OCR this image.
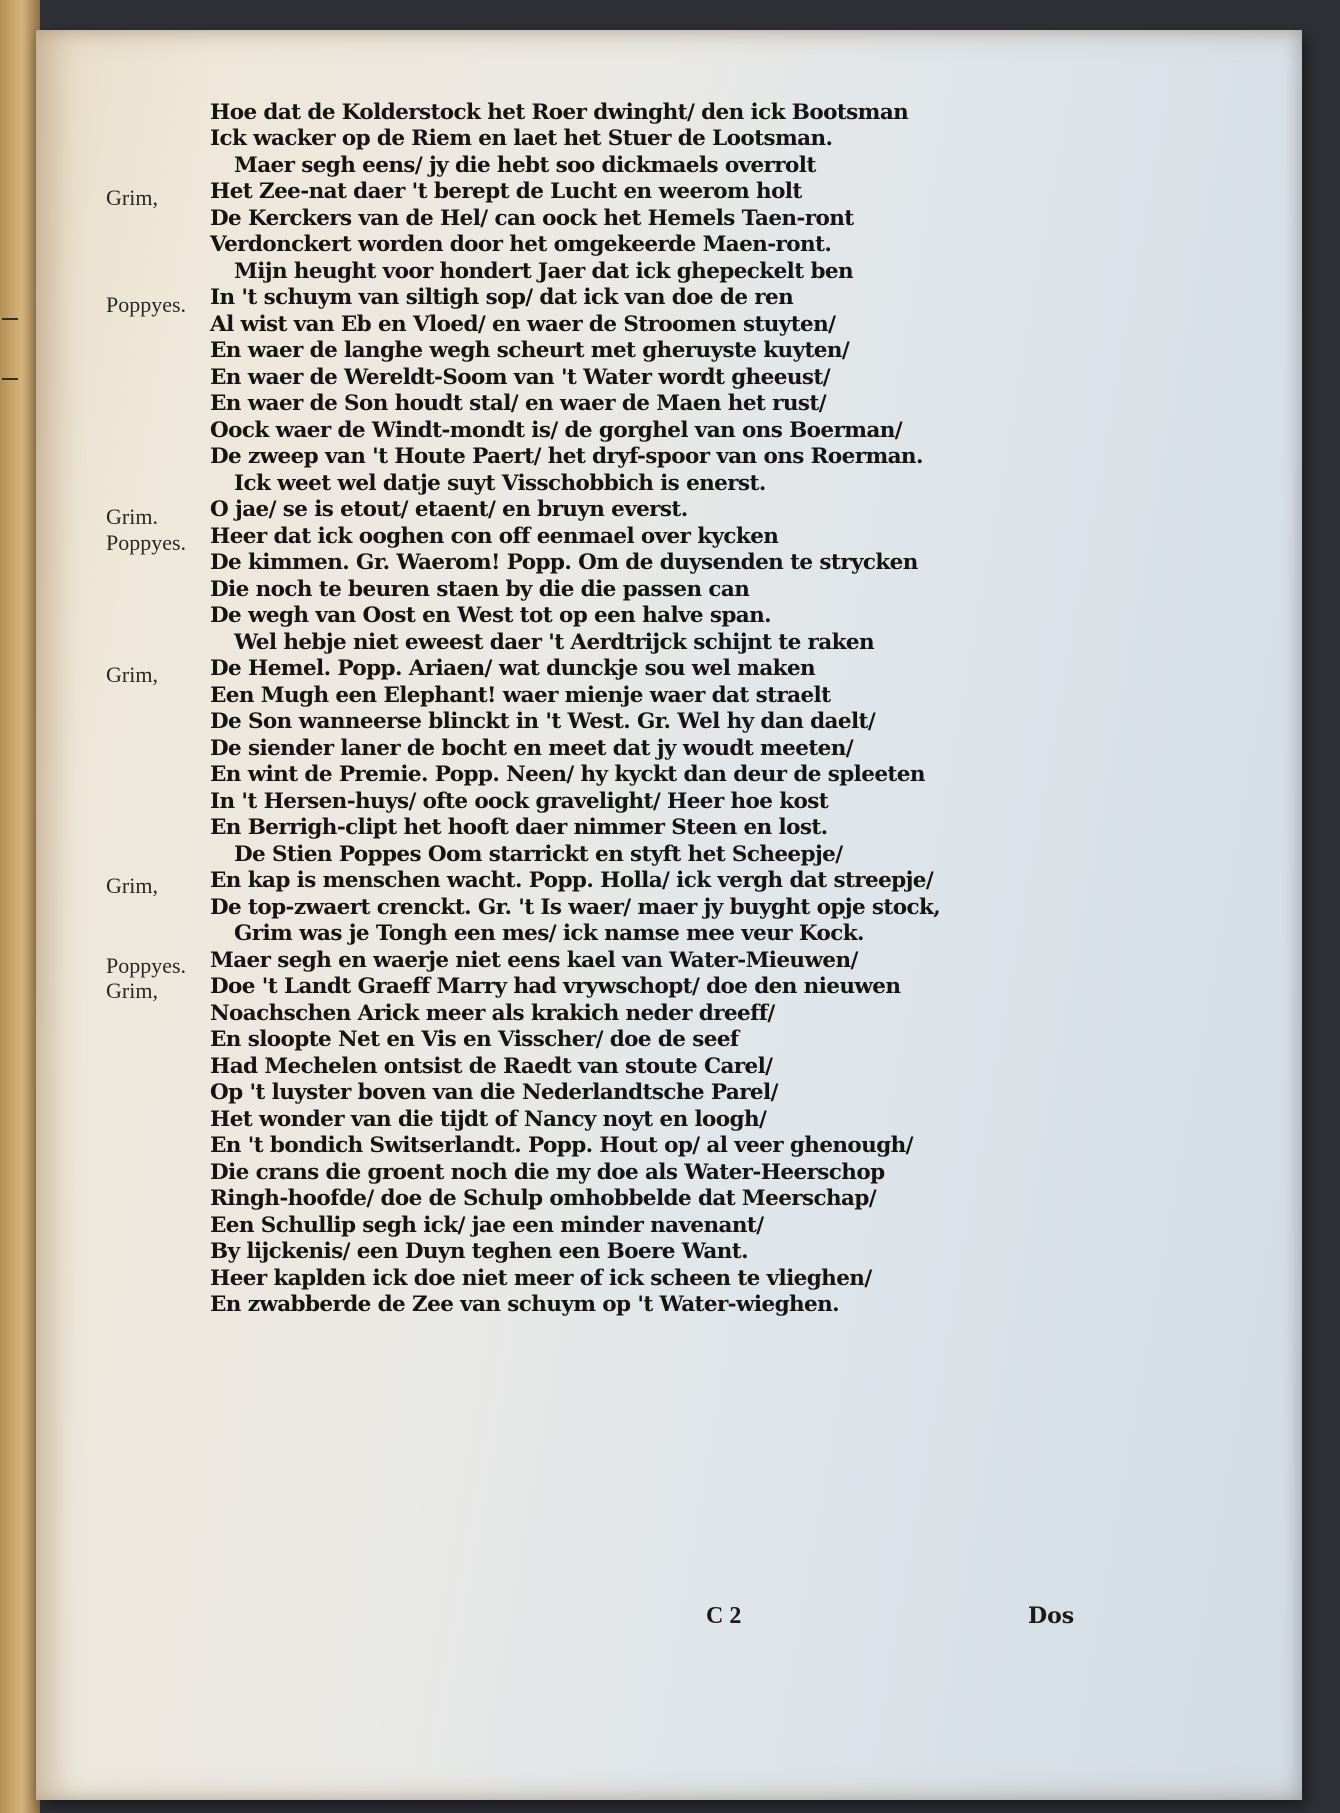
Grim,
Poppyes.
Grim.
Poppyes.
Grim,
Grim,
Poppyes.
Grim,
Hoe dat de Kolderstock het Roer dwinght/ den ick Bootsman
Ick wacker op de Riem en laet het Stuer de Lootsman.
Maer segh eens/ jy die hebt soo dickmaels overrolt
Het Zee-nat daer 't berept de Lucht en weerom holt
De Kerckers van de Hel/ can oock het Hemels Taen-ront
Verdonckert worden door het omgekeerde Maen-ront.
Mijn heught voor hondert Jaer dat ick ghepeckelt ben
In 't schuym van siltigh sop/ dat ick van doe de ren
Al wist van Eb en Vloed/ en waer de Stroomen stuyten/
En waer de langhe wegh scheurt met gheruyste kuyten/
En waer de Wereldt-Soom van 't Water wordt gheeust/
En waer de Son houdt stal/ en waer de Maen het rust/
Oock waer de Windt-mondt is/ de gorghel van ons Boerman/
De zweep van 't Houte Paert/ het dryf-spoor van ons Roerman.
Ick weet wel datje suyt Visschobbich is enerst.
O jae/ se is etout/ etaent/ en bruyn everst.
Heer dat ick ooghen con off eenmael over kycken
De kimmen. Gr. Waerom! Popp. Om de duysenden te strycken
Die noch te beuren staen by die die passen can
De wegh van Oost en West tot op een halve span.
Wel hebje niet eweest daer 't Aerdtrijck schijnt te raken
De Hemel. Popp. Ariaen/ wat dunckje sou wel maken
Een Mugh een Elephant! waer mienje waer dat straelt
De Son wanneerse blinckt in 't West. Gr. Wel hy dan daelt/
De siender laner de bocht en meet dat jy woudt meeten/
En wint de Premie. Popp. Neen/ hy kyckt dan deur de spleeten
In 't Hersen-huys/ ofte oock gravelight/ Heer hoe kost
En Berrigh-clipt het hooft daer nimmer Steen en lost.
De Stien Poppes Oom starrickt en styft het Scheepje/
En kap is menschen wacht. Popp. Holla/ ick vergh dat streepje/
De top-zwaert crenckt. Gr. 't Is waer/ maer jy buyght opje stock,
Grim was je Tongh een mes/ ick namse mee veur Kock.
Maer segh en waerje niet eens kael van Water-Mieuwen/
Doe 't Landt Graeff Marry had vrywschopt/ doe den nieuwen
Noachschen Arick meer als krakich neder dreeff/
En sloopte Net en Vis en Visscher/ doe de seef
Had Mechelen ontsist de Raedt van stoute Carel/
Op 't luyster boven van die Nederlandtsche Parel/
Het wonder van die tijdt of Nancy noyt en loogh/
En 't bondich Switserlandt. Popp. Hout op/ al veer ghenough/
Die crans die groent noch die my doe als Water-Heerschop
Ringh-hoofde/ doe de Schulp omhobbelde dat Meerschap/
Een Schullip segh ick/ jae een minder navenant/
By lijckenis/ een Duyn teghen een Boere Want.
Heer kaplden ick doe niet meer of ick scheen te vlieghen/
En zwabberde de Zee van schuym op 't Water-wieghen.
C 2	Dos
